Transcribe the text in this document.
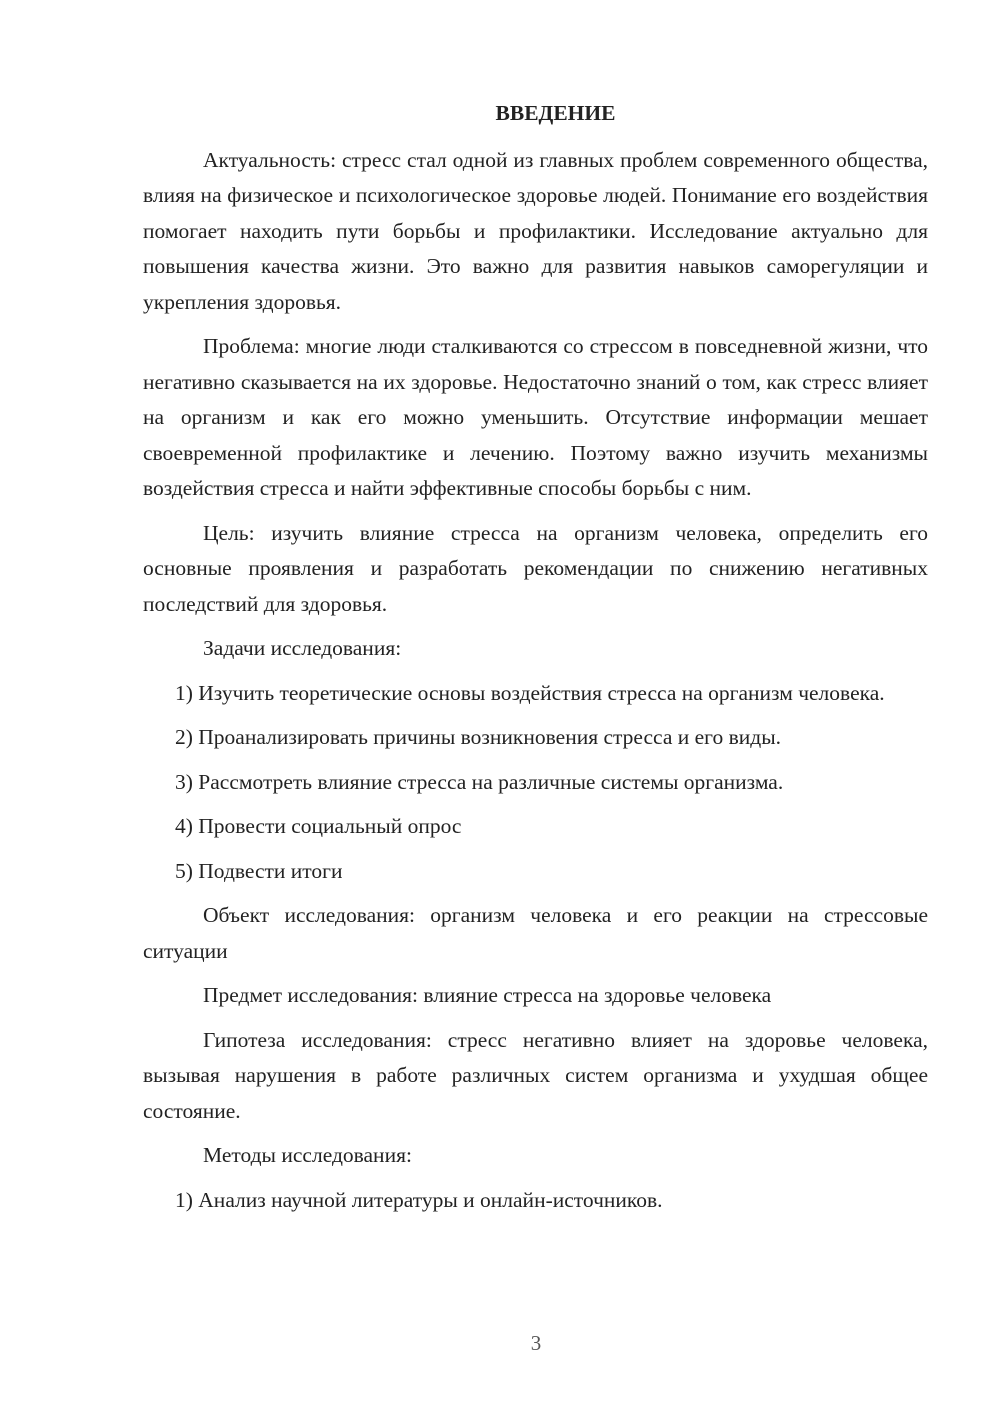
ВВЕДЕНИЕ

Актуальность: стресс стал одной из главных проблем современного общества, влияя на физическое и психологическое здоровье людей. Понимание его воздействия помогает находить пути борьбы и профилактики. Исследование актуально для повышения качества жизни. Это важно для развития навыков саморегуляции и укрепления здоровья.

Проблема: многие люди сталкиваются со стрессом в повседневной жизни, что негативно сказывается на их здоровье. Недостаточно знаний о том, как стресс влияет на организм и как его можно уменьшить. Отсутствие информации мешает своевременной профилактике и лечению. Поэтому важно изучить механизмы воздействия стресса и найти эффективные способы борьбы с ним.

Цель: изучить влияние стресса на организм человека, определить его основные проявления и разработать рекомендации по снижению негативных последствий для здоровья.

Задачи исследования:

1) Изучить теоретические основы воздействия стресса на организм человека.

2) Проанализировать причины возникновения стресса и его виды.

3) Рассмотреть влияние стресса на различные системы организма.

4) Провести социальный опрос

5) Подвести итоги

Объект исследования: организм человека и его реакции на стрессовые ситуации

Предмет исследования: влияние стресса на здоровье человека

Гипотеза исследования: стресс негативно влияет на здоровье человека, вызывая нарушения в работе различных систем организма и ухудшая общее состояние.

Методы исследования:

1) Анализ научной литературы и онлайн-источников.

3
